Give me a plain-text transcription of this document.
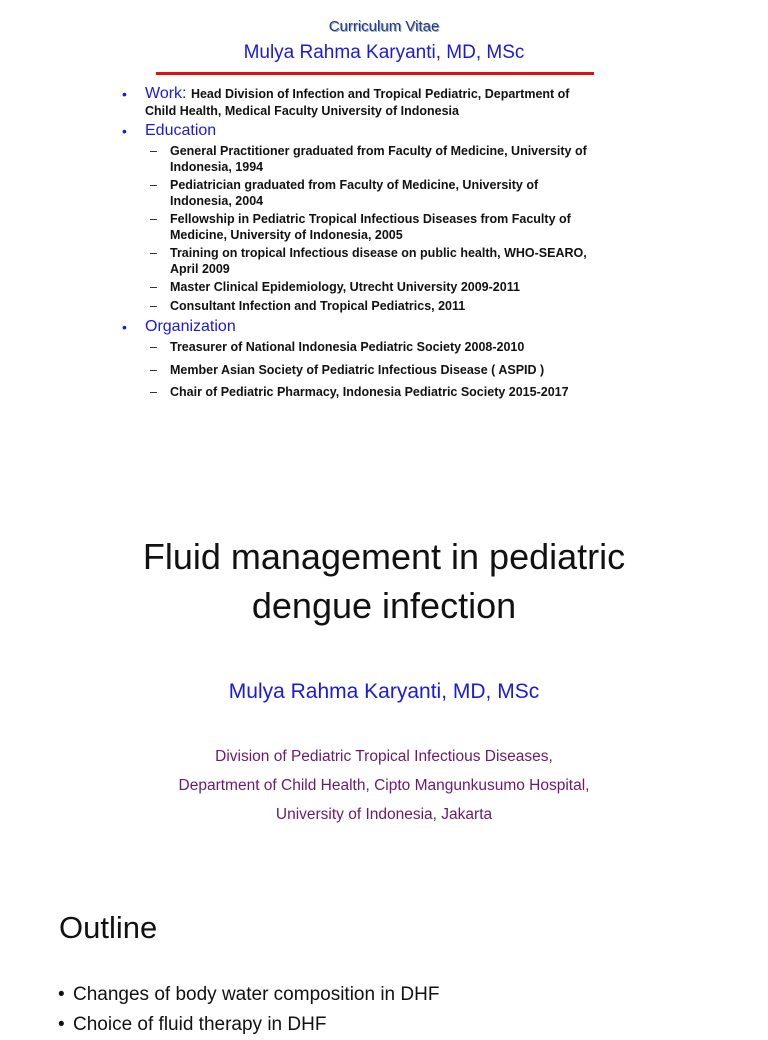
Curriculum Vitae
Mulya Rahma Karyanti, MD, MSc
•	Work: Head Division of Infection and Tropical Pediatric, Department of
Child Health, Medical Faculty University of Indonesia
•	Education
– General Practitioner graduated from Faculty of Medicine, University of
Indonesia, 1994
– Pediatrician graduated from Faculty of Medicine, University of
Indonesia, 2004
– Fellowship in Pediatric Tropical Infectious Diseases from Faculty of
Medicine, University of Indonesia, 2005
– Training on tropical Infectious disease on public health, WHO-SEARO,
April 2009
– Master Clinical Epidemiology, Utrecht University 2009-2011
– Consultant Infection and Tropical Pediatrics, 2011
•	Organization
– Treasurer of National Indonesia Pediatric Society 2008-2010
– Member Asian Society of Pediatric Infectious Disease ( ASPID )
– Chair of Pediatric Pharmacy, Indonesia Pediatric Society 2015-2017
Fluid management in pediatric
dengue infection
Mulya Rahma Karyanti, MD, MSc
Division of Pediatric Tropical Infectious Diseases,
Department of Child Health, Cipto Mangunkusumo Hospital,
University of Indonesia, Jakarta
Outline
• Changes of body water composition in DHF
• Choice of fluid therapy in DHF
